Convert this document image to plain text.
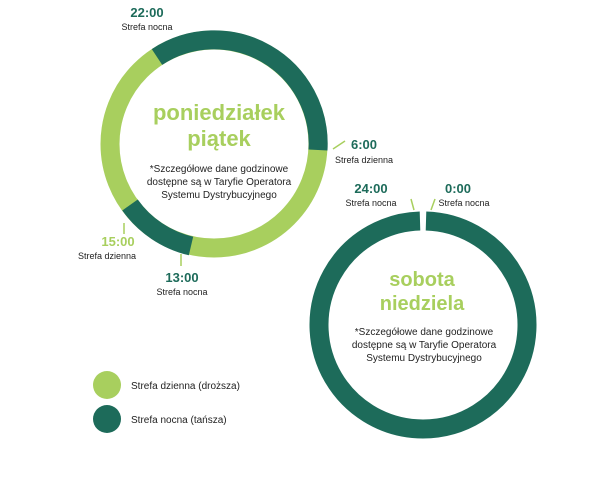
poniedziałek
piątek
*Szczegółowe dane godzinowe
dostępne są w Taryfie Operatora
Systemu Dystrybucyjnego
22:00
Strefa nocna
6:00
Strefa dzienna
15:00
Strefa dzienna
13:00
Strefa nocna
24:00
Strefa nocna
0:00
Strefa nocna
sobota
niedziela
*Szczegółowe dane godzinowe
dostępne są w Taryfie Operatora
Systemu Dystrybucyjnego
Strefa dzienna (droższa)
Strefa nocna (tańsza)
